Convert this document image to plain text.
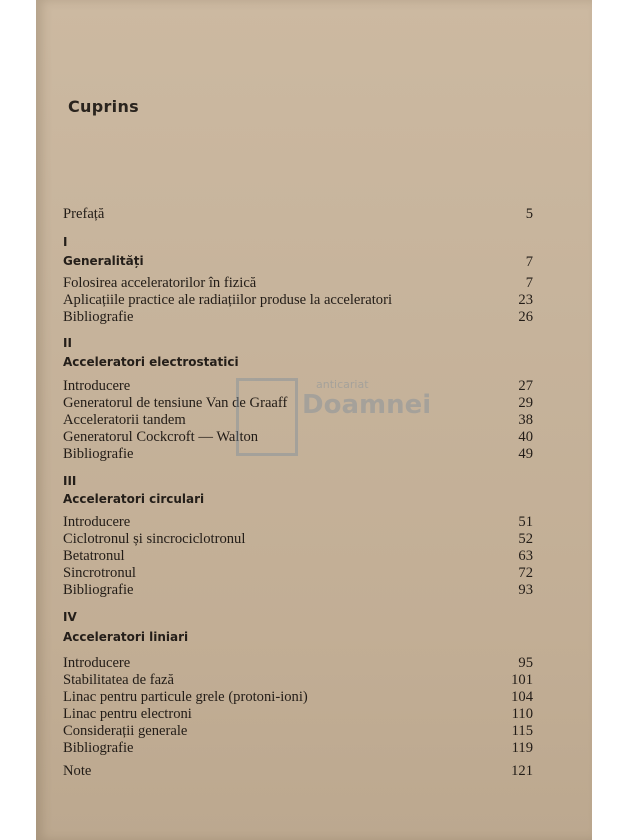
Cuprins
Prefață	5
I
Generalități	7
Folosirea acceleratorilor în fizică	7
Aplicațiile practice ale radiațiilor produse la acceleratori	23
Bibliografie	26
II
Acceleratori electrostatici
Introducere	27
Generatorul de tensiune Van de Graaff	29
Acceleratorii tandem	38
Generatorul Cockcroft — Walton	40
Bibliografie	49
III
Acceleratori circulari
Introducere	51
Ciclotronul și sincrociclotronul	52
Betatronul	63
Sincrotronul	72
Bibliografie	93
IV
Acceleratori liniari
Introducere	95
Stabilitatea de fază	101
Linac pentru particule grele (protoni-ioni)	104
Linac pentru electroni	110
Considerații generale	115
Bibliografie	119
Note	121
anticariat
Doamnei
